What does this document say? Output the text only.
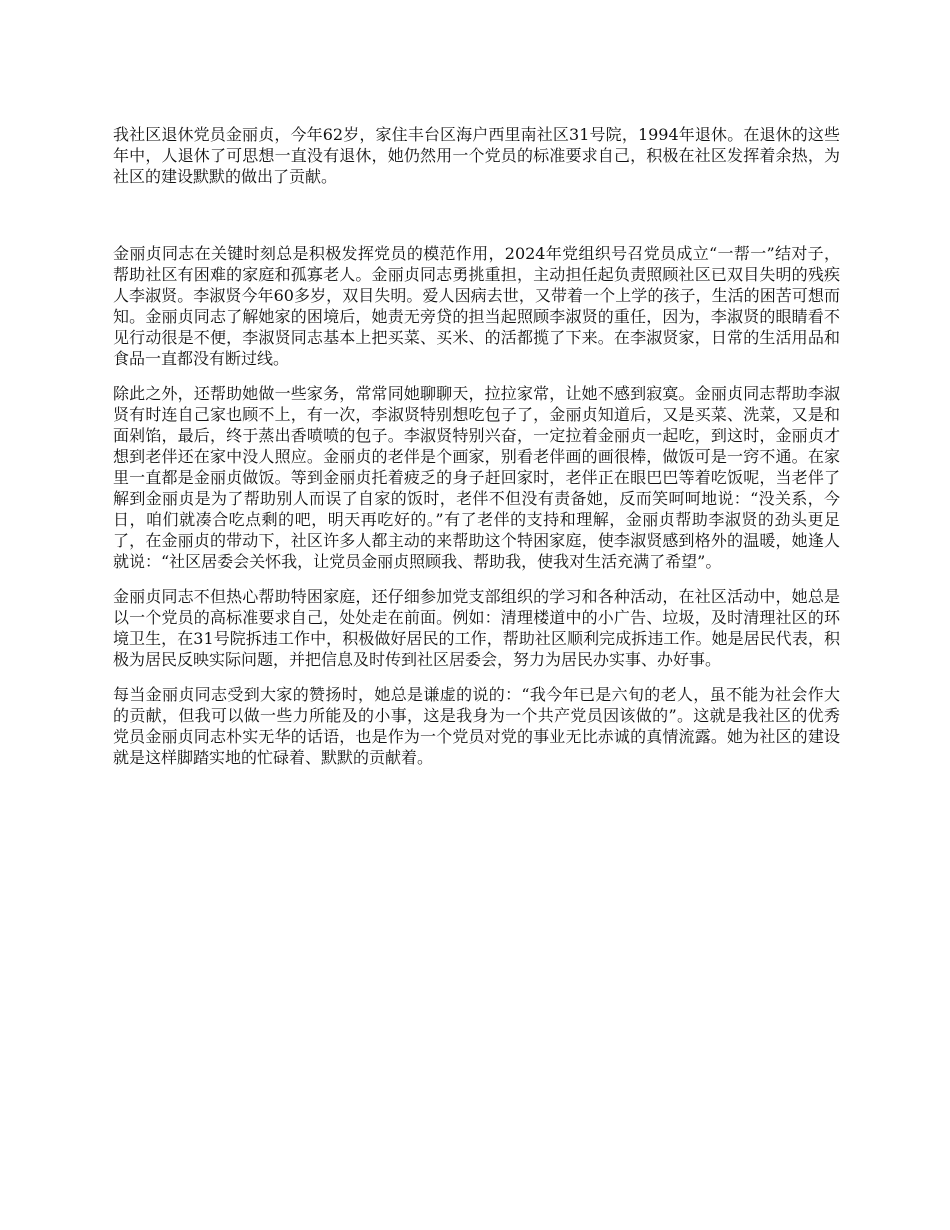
我社区退休党员金丽贞，今年62岁，家住丰台区海户西里南社区31号院，1994年退休。在退休的这些年中，人退休了可思想一直没有退休，她仍然用一个党员的标准要求自己，积极在社区发挥着余热，为社区的建设默默的做出了贡献。

金丽贞同志在关键时刻总是积极发挥党员的模范作用，2024年党组织号召党员成立“一帮一”结对子，帮助社区有困难的家庭和孤寡老人。金丽贞同志勇挑重担，主动担任起负责照顾社区已双目失明的残疾人李淑贤。李淑贤今年60多岁，双目失明。爱人因病去世，又带着一个上学的孩子，生活的困苦可想而知。金丽贞同志了解她家的困境后，她责无旁贷的担当起照顾李淑贤的重任，因为，李淑贤的眼睛看不见行动很是不便，李淑贤同志基本上把买菜、买米、的活都揽了下来。在李淑贤家，日常的生活用品和食品一直都没有断过线。

除此之外，还帮助她做一些家务，常常同她聊聊天，拉拉家常，让她不感到寂寞。金丽贞同志帮助李淑贤有时连自己家也顾不上，有一次，李淑贤特别想吃包子了，金丽贞知道后，又是买菜、洗菜，又是和面剁馅，最后，终于蒸出香喷喷的包子。李淑贤特别兴奋，一定拉着金丽贞一起吃，到这时，金丽贞才想到老伴还在家中没人照应。金丽贞的老伴是个画家，别看老伴画的画很棒，做饭可是一窍不通。在家里一直都是金丽贞做饭。等到金丽贞托着疲乏的身子赶回家时，老伴正在眼巴巴等着吃饭呢，当老伴了解到金丽贞是为了帮助别人而误了自家的饭时，老伴不但没有责备她，反而笑呵呵地说：“没关系，今日，咱们就凑合吃点剩的吧，明天再吃好的。”有了老伴的支持和理解，金丽贞帮助李淑贤的劲头更足了，在金丽贞的带动下，社区许多人都主动的来帮助这个特困家庭，使李淑贤感到格外的温暖，她逢人就说：“社区居委会关怀我，让党员金丽贞照顾我、帮助我，使我对生活充满了希望”。

金丽贞同志不但热心帮助特困家庭，还仔细参加党支部组织的学习和各种活动，在社区活动中，她总是以一个党员的高标准要求自己，处处走在前面。例如：清理楼道中的小广告、垃圾，及时清理社区的环境卫生，在31号院拆违工作中，积极做好居民的工作，帮助社区顺利完成拆违工作。她是居民代表，积极为居民反映实际问题，并把信息及时传到社区居委会，努力为居民办实事、办好事。

每当金丽贞同志受到大家的赞扬时，她总是谦虚的说的：“我今年已是六旬的老人，虽不能为社会作大的贡献，但我可以做一些力所能及的小事，这是我身为一个共产党员因该做的”。这就是我社区的优秀党员金丽贞同志朴实无华的话语，也是作为一个党员对党的事业无比赤诚的真情流露。她为社区的建设就是这样脚踏实地的忙碌着、默默的贡献着。
